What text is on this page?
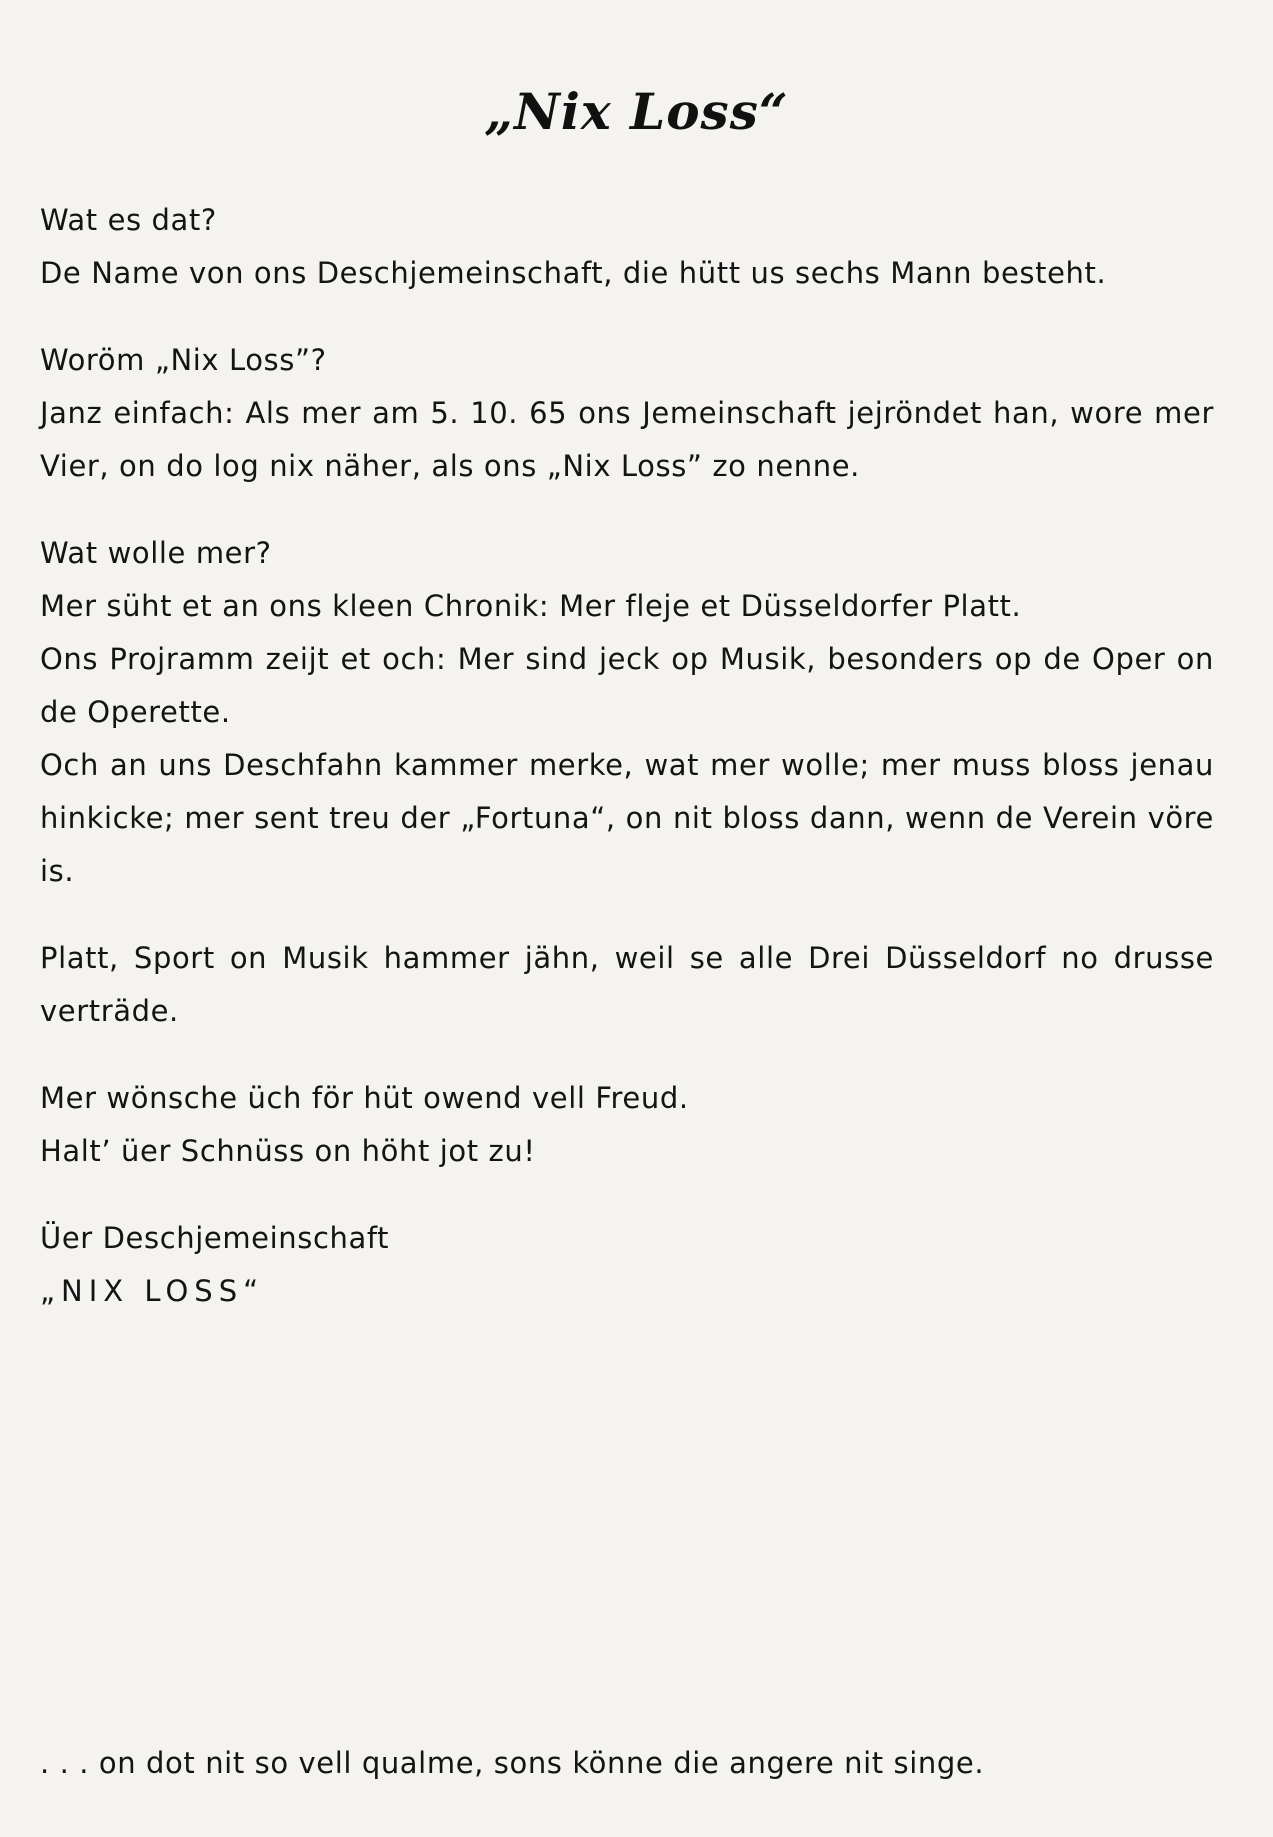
„Nix Loss“

Wat es dat?

De Name von ons Deschjemeinschaft, die hütt us sechs Mann besteht.

Woröm „Nix Loss”?

Janz einfach: Als mer am 5. 10. 65 ons Jemeinschaft jejröndet han, wore mer Vier, on do log nix näher, als ons „Nix Loss” zo nenne.

Wat wolle mer?

Mer süht et an ons kleen Chronik: Mer fleje et Düsseldorfer Platt.

Ons Projramm zeijt et och: Mer sind jeck op Musik, besonders op de Oper on de Operette.

Och an uns Deschfahn kammer merke, wat mer wolle; mer muss bloss jenau hinkicke; mer sent treu der „Fortuna“, on nit bloss dann, wenn de Verein vöre is.

Platt, Sport on Musik hammer jähn, weil se alle Drei Düsseldorf no drusse verträde.

Mer wönsche üch för hüt owend vell Freud.

Halt’ üer Schnüss on höht jot zu!

Üer Deschjemeinschaft

„NIX LOSS“

. . . on dot nit so vell qualme, sons könne die angere nit singe.
